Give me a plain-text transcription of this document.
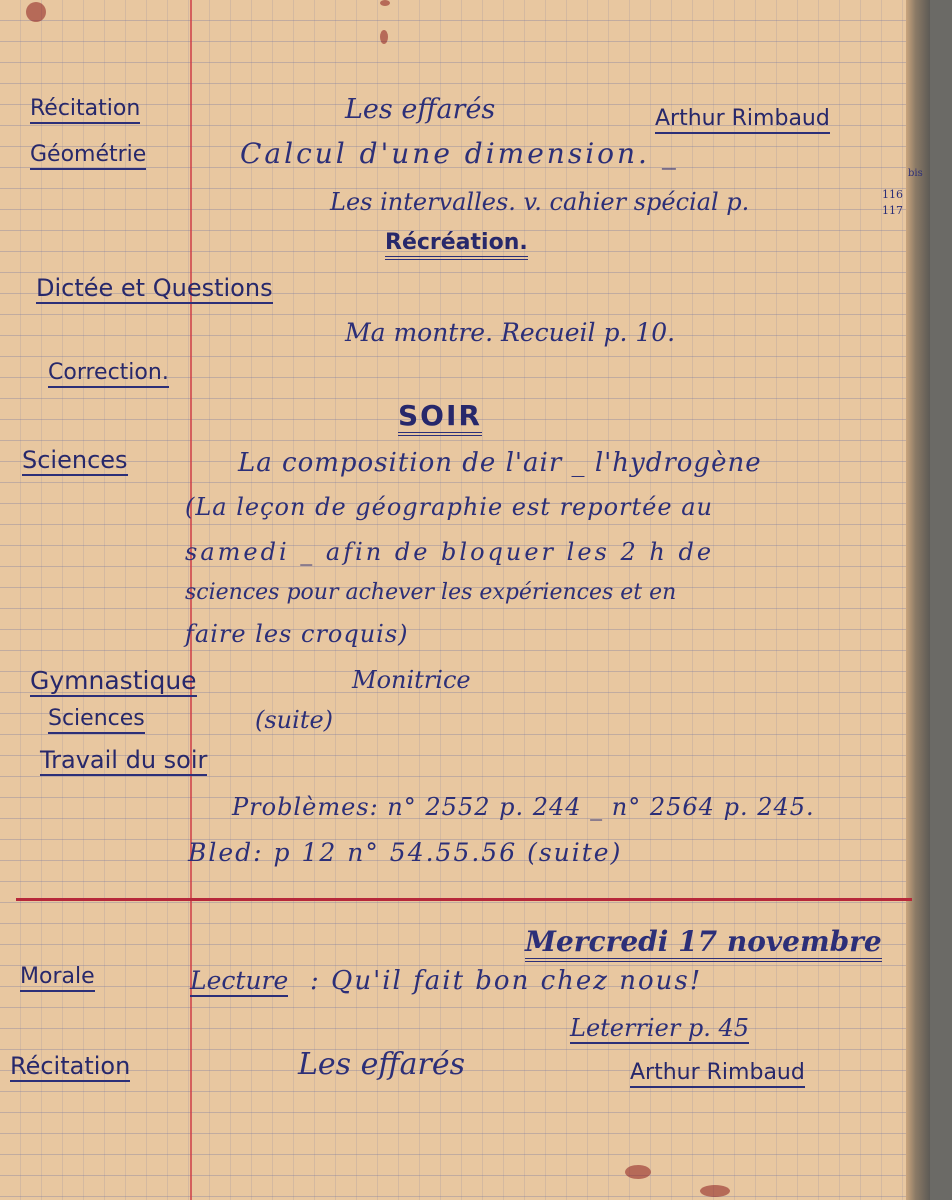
Récitation	Les effarés	Arthur Rimbaud
Géométrie	Calcul d'une dimension. _
Les intervalles. v. cahier spécial p.	116
117
bis
Récréation.
Dictée et Questions
Ma montre. Recueil p. 10.
Correction.
SOIR
Sciences	La composition de l'air _ l'hydrogène
(La leçon de géographie est reportée au
samedi _ afin de bloquer les 2 h de
sciences pour achever les expériences et en
faire les croquis)
Gymnastique	Monitrice
Sciences	(suite)
Travail du soir
Problèmes: n° 2552 p. 244 _ n° 2564 p. 245.
Bled: p 12 n° 54.55.56 (suite)
Mercredi 17 novembre
Morale	Lecture : Qu'il fait bon chez nous!
Leterrier p. 45
Récitation	Les effarés	Arthur Rimbaud
